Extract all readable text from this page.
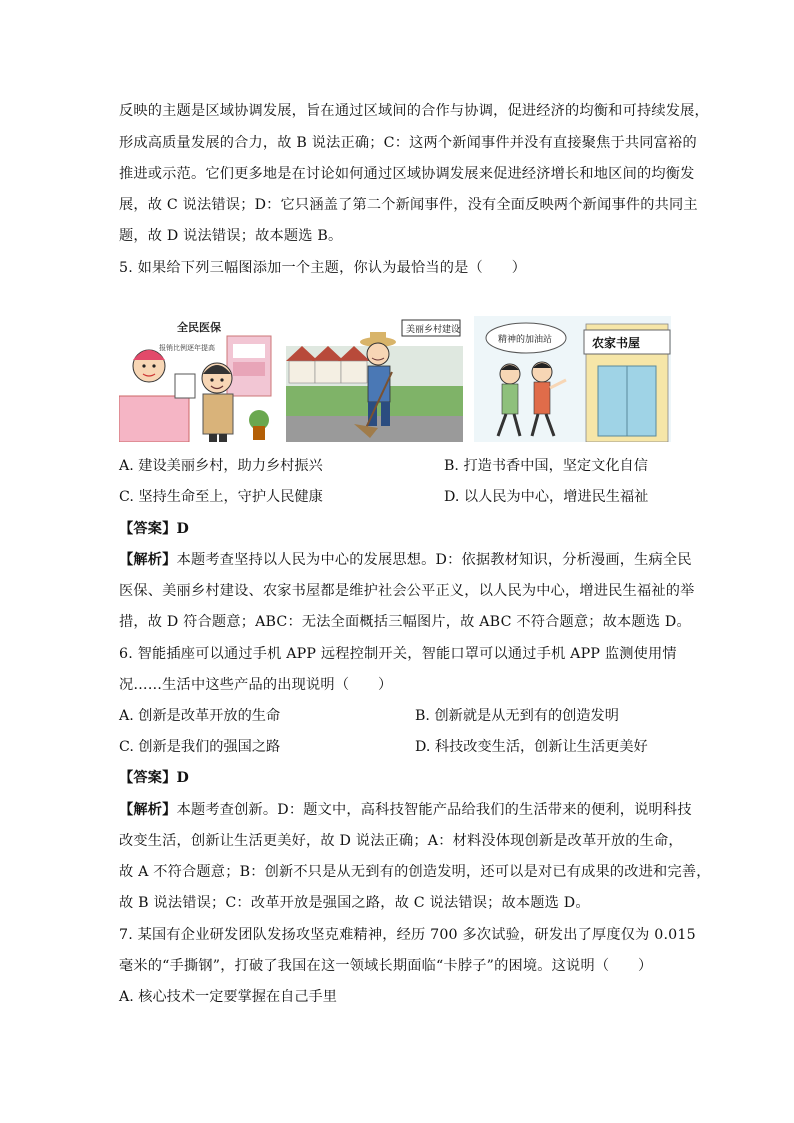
反映的主题是区域协调发展，旨在通过区域间的合作与协调，促进经济的均衡和可持续发展，
形成高质量发展的合力，故 B 说法正确；C：这两个新闻事件并没有直接聚焦于共同富裕的
推进或示范。它们更多地是在讨论如何通过区域协调发展来促进经济增长和地区间的均衡发
展，故 C 说法错误；D：它只涵盖了第二个新闻事件，没有全面反映两个新闻事件的共同主
题，故 D 说法错误；故本题选 B。
5. 如果给下列三幅图添加一个主题，你认为最恰当的是（　　）
全民医保
报销比例逐年提高
美丽乡村建设
农家书屋
精神的加油站
A. 建设美丽乡村，助力乡村振兴	B. 打造书香中国，坚定文化自信
C. 坚持生命至上，守护人民健康	D. 以人民为中心，增进民生福祉
【答案】D
【解析】本题考查坚持以人民为中心的发展思想。D：依据教材知识，分析漫画，生病全民
医保、美丽乡村建设、农家书屋都是维护社会公平正义，以人民为中心，增进民生福祉的举
措，故 D 符合题意；ABC：无法全面概括三幅图片，故 ABC 不符合题意；故本题选 D。
6. 智能插座可以通过手机 APP 远程控制开关，智能口罩可以通过手机 APP 监测使用情
况……生活中这些产品的出现说明（　　）
A. 创新是改革开放的生命	B. 创新就是从无到有的创造发明
C. 创新是我们的强国之路	D. 科技改变生活，创新让生活更美好
【答案】D
【解析】本题考查创新。D：题文中，高科技智能产品给我们的生活带来的便利，说明科技
改变生活，创新让生活更美好，故 D 说法正确；A：材料没体现创新是改革开放的生命，
故 A 不符合题意；B：创新不只是从无到有的创造发明，还可以是对已有成果的改进和完善，
故 B 说法错误；C：改革开放是强国之路，故 C 说法错误；故本题选 D。
7. 某国有企业研发团队发扬攻坚克难精神，经历 700 多次试验，研发出了厚度仅为 0.015
毫米的“手撕钢”，打破了我国在这一领域长期面临“卡脖子”的困境。这说明（　　）
A. 核心技术一定要掌握在自己手里
